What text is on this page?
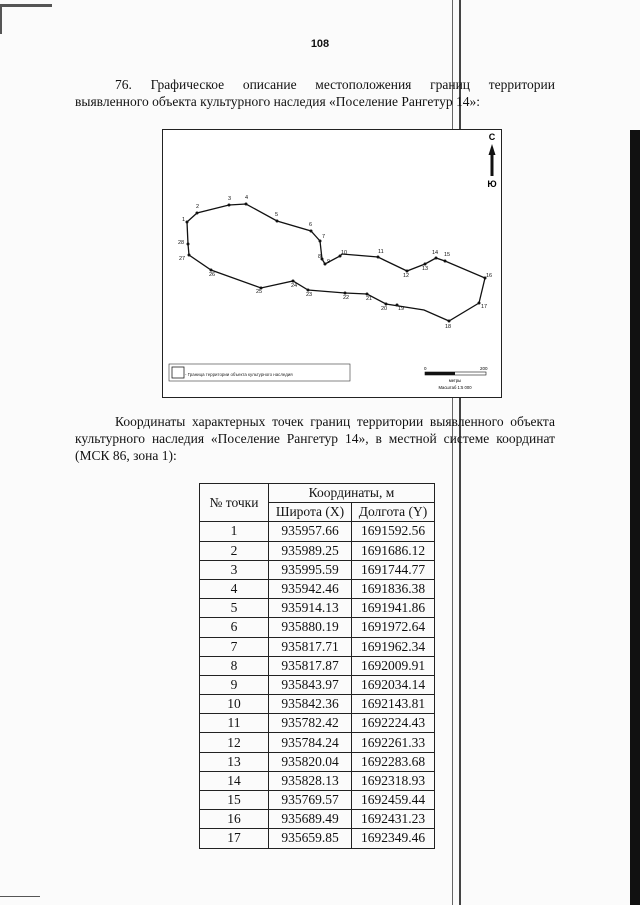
108

76. Графическое описание местоположения границ территории выявленного объекта культурного наследия «Поселение Рангетур 14»:

1
2
3	4
5
6
7
8
9
10	11
12
13
14 15
16
17
18
19
20
21
22
23
24
25
26
27
28
С
Ю
- Граница территории объекта культурного наследия
0	200
метры
Масштаб 1:5 000

Координаты характерных точек границ территории выявленного объекта культурного наследия «Поселение Рангетур 14», в местной системе координат (МСК 86, зона 1):

№ точки	Координаты, м	
	Широта (X)	Долгота (Y)
1	935957.66	1691592.56
2	935989.25	1691686.12
3	935995.59	1691744.77
4	935942.46	1691836.38
5	935914.13	1691941.86
6	935880.19	1691972.64
7	935817.71	1691962.34
8	935817.87	1692009.91
9	935843.97	1692034.14
10	935842.36	1692143.81
11	935782.42	1692224.43
12	935784.24	1692261.33
13	935820.04	1692283.68
14	935828.13	1692318.93
15	935769.57	1692459.44
16	935689.49	1692431.23
17	935659.85	1692349.46
